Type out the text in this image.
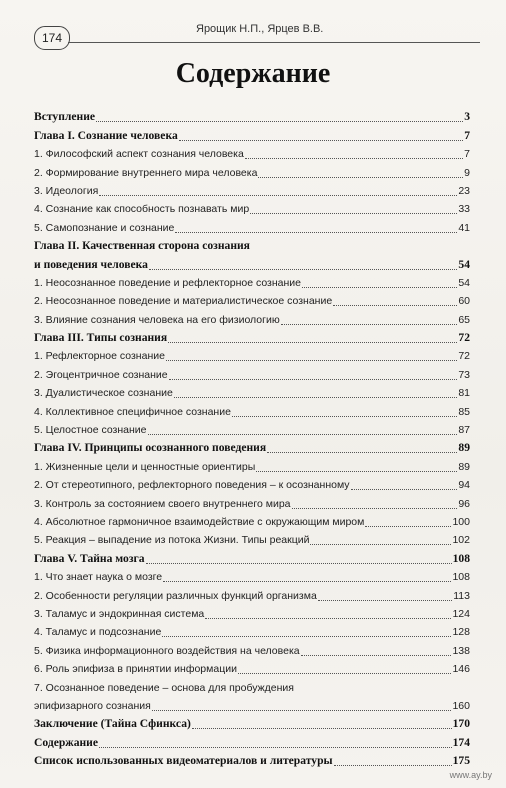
174
Ярощик Н.П., Ярцев В.В.
Содержание
Вступление	3
Глава I. Сознание человека	7
1. Философский аспект сознания человека	7
2. Формирование внутреннего мира человека	9
3. Идеология	23
4. Сознание как способность познавать мир	33
5. Самопознание и сознание	41
Глава II. Качественная сторона сознания
и поведения человека	54
1. Неосознанное поведение и рефлекторное сознание	54
2. Неосознанное поведение и материалистическое сознание	60
3. Влияние сознания человека на его физиологию	65
Глава III. Типы сознания	72
1. Рефлекторное сознание	72
2. Эгоцентричное сознание	73
3. Дуалистическое сознание	81
4. Коллективное специфичное сознание	85
5. Целостное сознание	87
Глава IV. Принципы осознанного поведения	89
1. Жизненные цели и ценностные ориентиры	89
2. От стереотипного, рефлекторного поведения – к осознанному	94
3. Контроль за состоянием своего внутреннего мира	96
4. Абсолютное гармоничное взаимодействие с окружающим миром	100
5. Реакция – выпадение из потока Жизни. Типы реакций	102
Глава V. Тайна мозга	108
1. Что знает наука о мозге	108
2. Особенности регуляции различных функций организма	113
3. Таламус и эндокринная система	124
4. Таламус и подсознание	128
5. Физика информационного воздействия на человека	138
6. Роль эпифиза в принятии информации	146
7. Осознанное поведение – основа для пробуждения
эпифизарного сознания	160
Заключение (Тайна Сфинкса)	170
Содержание	174
Список использованных видеоматериалов и литературы	175
www.ay.by
